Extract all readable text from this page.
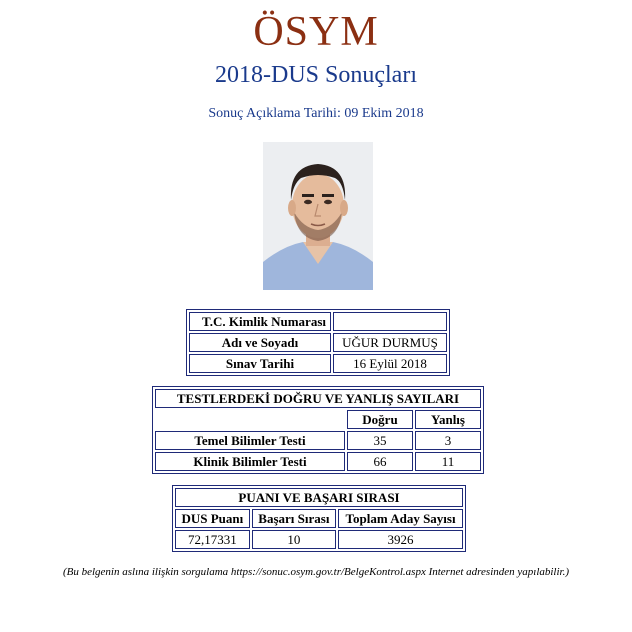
ÖSYM
2018-DUS Sonuçları
Sonuç Açıklama Tarihi: 09 Ekim 2018
T.C. Kimlik Numarası	
Adı ve Soyadı	UĞUR DURMUŞ
Sınav Tarihi	16 Eylül 2018
TESTLERDEKİ DOĞRU VE YANLIŞ SAYILARI		
	Doğru	Yanlış
Temel Bilimler Testi	35	3
Klinik Bilimler Testi	66	11
PUANI VE BAŞARI SIRASI		
DUS Puanı	Başarı Sırası	Toplam Aday Sayısı
72,17331	10	3926
(Bu belgenin aslına ilişkin sorgulama https://sonuc.osym.gov.tr/BelgeKontrol.aspx Internet adresinden yapılabilir.)
